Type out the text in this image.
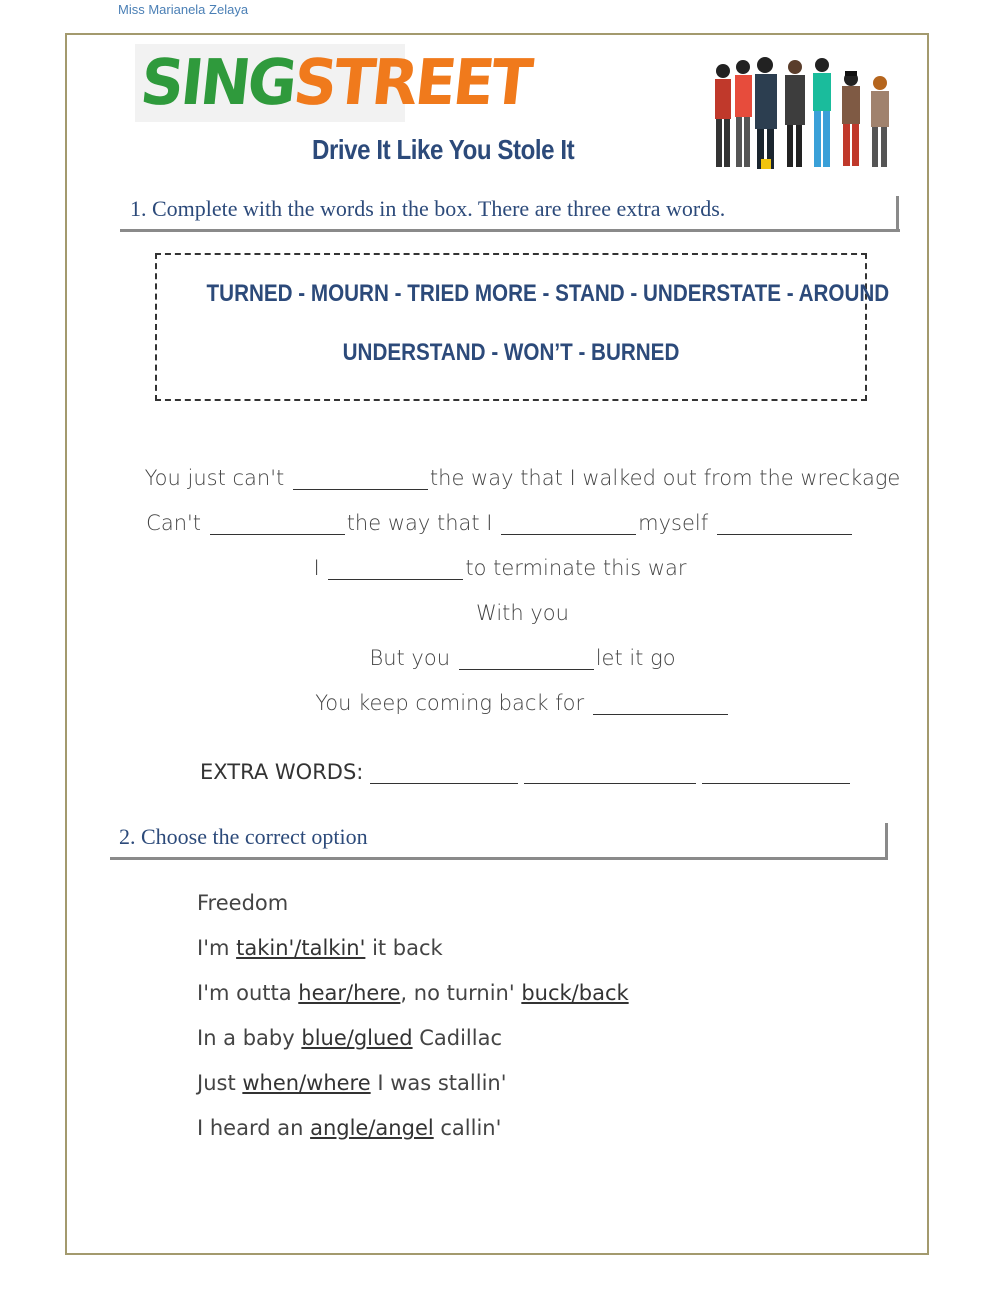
Miss Marianela Zelaya
SINGSTREET
Drive It Like You Stole It
1. Complete with the words in the box. There are three extra words.
TURNED - MOURN - TRIED MORE - STAND - UNDERSTATE - AROUND
UNDERSTAND - WON’T - BURNED
You just can't	the way that I walked out from the wreckage
Can't	the way that I	myself
I	to terminate this war
With you
But you	let it go
You keep coming back for
EXTRA WORDS:
2. Choose the correct option
Freedom
I'm takin'/talkin' it back
I'm outta hear/here, no turnin' buck/back
In a baby blue/glued Cadillac
Just when/where I was stallin'
I heard an angle/angel callin'
